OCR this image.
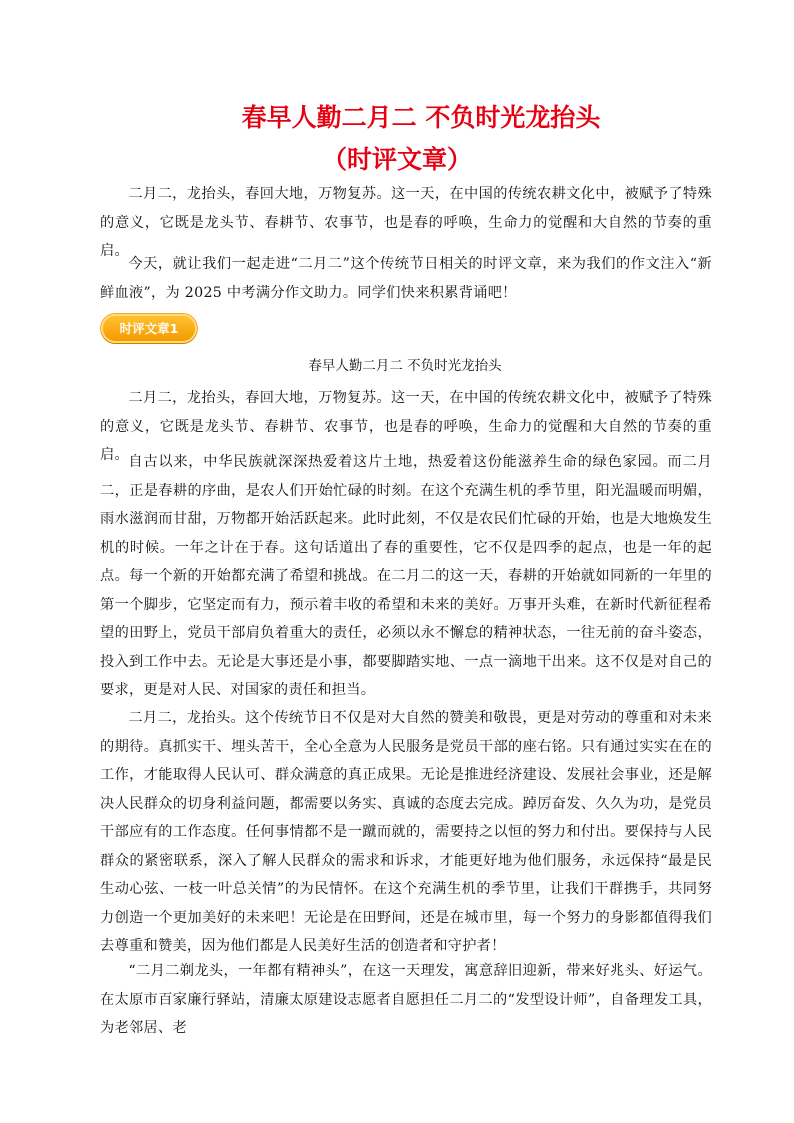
春早人勤二月二 不负时光龙抬头
（时评文章）

二月二，龙抬头，春回大地，万物复苏。这一天，在中国的传统农耕文化中，被赋予了特殊的意义，它既是龙头节、春耕节、农事节，也是春的呼唤，生命力的觉醒和大自然的节奏的重启。

今天，就让我们一起走进“二月二”这个传统节日相关的时评文章，来为我们的作文注入“新鲜血液”，为 2025 中考满分作文助力。同学们快来积累背诵吧！

时评文章1

春早人勤二月二 不负时光龙抬头

二月二，龙抬头，春回大地，万物复苏。这一天，在中国的传统农耕文化中，被赋予了特殊的意义，它既是龙头节、春耕节、农事节，也是春的呼唤，生命力的觉醒和大自然的节奏的重启。 自古以来，中华民族就深深热爱着这片土地，热爱着这份能滋养生命的绿色家园。而二月二，正是春耕的序曲，是农人们开始忙碌的时刻。在这个充满生机的季节里，阳光温暖而明媚，雨水滋润而甘甜，万物都开始活跃起来。此时此刻，不仅是农民们忙碌的开始，也是大地焕发生机的时候。一年之计在于春。这句话道出了春的重要性，它不仅是四季的起点，也是一年的起点。每一个新的开始都充满了希望和挑战。在二月二的这一天，春耕的开始就如同新的一年里的第一个脚步，它坚定而有力，预示着丰收的希望和未来的美好。万事开头难，在新时代新征程希望的田野上，党员干部肩负着重大的责任，必须以永不懈怠的精神状态，一往无前的奋斗姿态，投入到工作中去。无论是大事还是小事，都要脚踏实地、一点一滴地干出来。这不仅是对自己的要求，更是对人民、对国家的责任和担当。

二月二，龙抬头。这个传统节日不仅是对大自然的赞美和敬畏，更是对劳动的尊重和对未来的期待。真抓实干、埋头苦干，全心全意为人民服务是党员干部的座右铭。只有通过实实在在的工作，才能取得人民认可、群众满意的真正成果。无论是推进经济建设、发展社会事业，还是解决人民群众的切身利益问题，都需要以务实、真诚的态度去完成。踔厉奋发、久久为功，是党员干部应有的工作态度。任何事情都不是一蹴而就的，需要持之以恒的努力和付出。要保持与人民群众的紧密联系，深入了解人民群众的需求和诉求，才能更好地为他们服务，永远保持“最是民生动心弦、一枝一叶总关情”的为民情怀。在这个充满生机的季节里，让我们干群携手，共同努力创造一个更加美好的未来吧！无论是在田野间，还是在城市里，每一个努力的身影都值得我们去尊重和赞美，因为他们都是人民美好生活的创造者和守护者！

“二月二剃龙头，一年都有精神头”，在这一天理发，寓意辞旧迎新，带来好兆头、好运气。在太原市百家廉行驿站，清廉太原建设志愿者自愿担任二月二的“发型设计师”，自备理发工具，为老邻居、老
